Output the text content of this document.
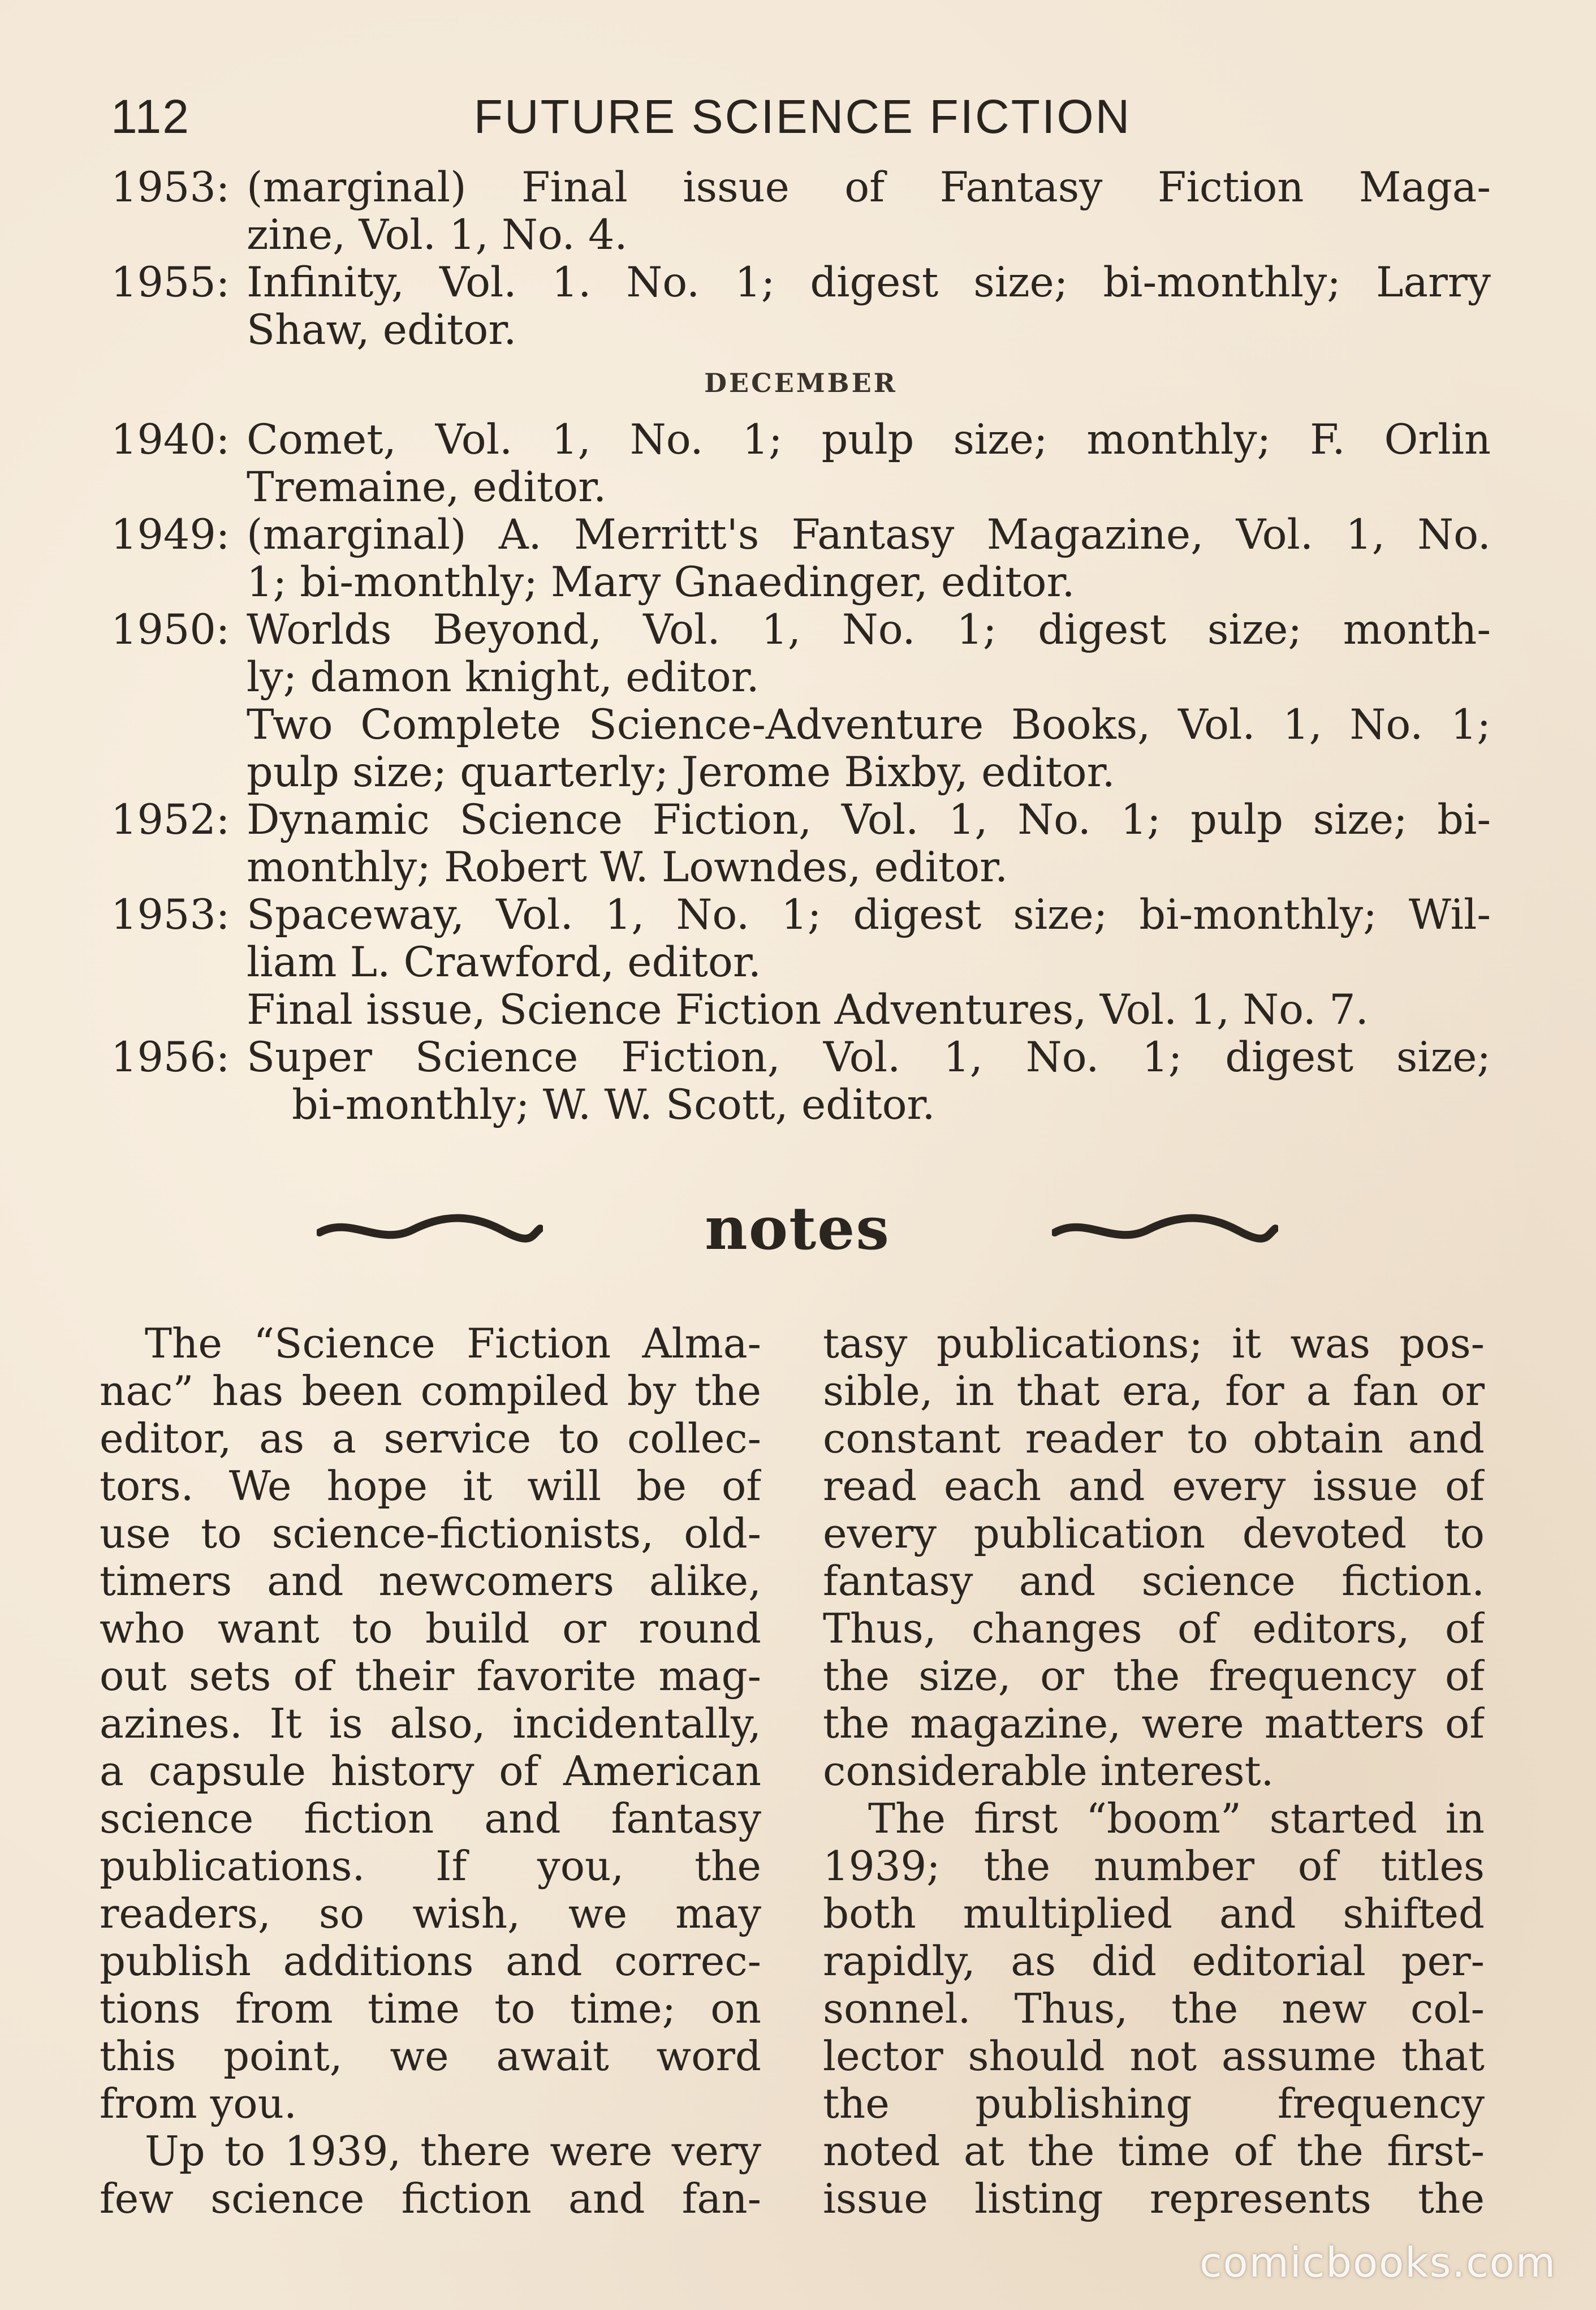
112	FUTURE SCIENCE FICTION
1953: (marginal) Final issue of Fantasy Fiction Maga-
zine, Vol. 1, No. 4.
1955: Infinity, Vol. 1. No. 1; digest size; bi-monthly; Larry
Shaw, editor.
DECEMBER
1940: Comet, Vol. 1, No. 1; pulp size; monthly; F. Orlin
Tremaine, editor.
1949: (marginal) A. Merritt's Fantasy Magazine, Vol. 1, No.
1; bi-monthly; Mary Gnaedinger, editor.
1950: Worlds Beyond, Vol. 1, No. 1; digest size; month-
ly; damon knight, editor.
Two Complete Science-Adventure Books, Vol. 1, No. 1;
pulp size; quarterly; Jerome Bixby, editor.
1952: Dynamic Science Fiction, Vol. 1, No. 1; pulp size; bi-
monthly; Robert W. Lowndes, editor.
1953: Spaceway, Vol. 1, No. 1; digest size; bi-monthly; Wil-
liam L. Crawford, editor.
Final issue, Science Fiction Adventures, Vol. 1, No. 7.
1956: Super Science Fiction, Vol. 1, No. 1; digest size;
bi-monthly; W. W. Scott, editor.
notes
The “Science Fiction Alma-
nac” has been compiled by the
editor, as a service to collec-
tors. We hope it will be of
use to science-fictionists, old-
timers and newcomers alike,
who want to build or round
out sets of their favorite mag-
azines. It is also, incidentally,
a capsule history of American
science fiction and fantasy
publications. If you, the
readers, so wish, we may
publish additions and correc-
tions from time to time; on
this point, we await word
from you.
Up to 1939, there were very
few science fiction and fan-
tasy publications; it was pos-
sible, in that era, for a fan or
constant reader to obtain and
read each and every issue of
every publication devoted to
fantasy and science fiction.
Thus, changes of editors, of
the size, or the frequency of
the magazine, were matters of
considerable interest.
The first “boom” started in
1939; the number of titles
both multiplied and shifted
rapidly, as did editorial per-
sonnel. Thus, the new col-
lector should not assume that
the publishing frequency
noted at the time of the first-
issue listing represents the
comicbooks.com
